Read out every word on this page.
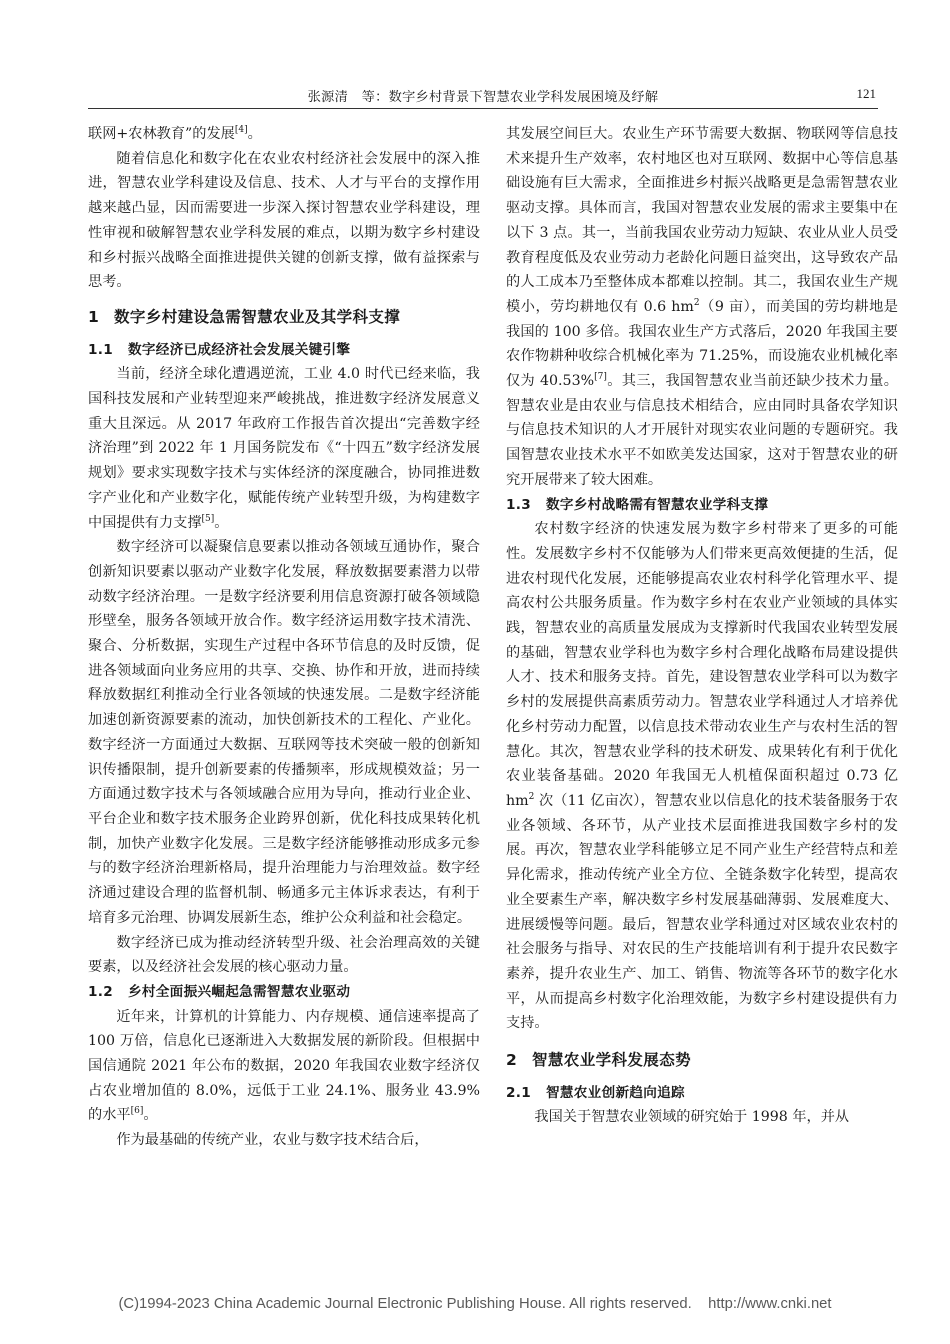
张源清　等：数字乡村背景下智慧农业学科发展困境及纾解	121

联网+农林教育”的发展[4]。

随着信息化和数字化在农业农村经济社会发展中的深入推进，智慧农业学科建设及信息、技术、人才与平台的支撑作用越来越凸显，因而需要进一步深入探讨智慧农业学科建设，理性审视和破解智慧农业学科发展的难点，以期为数字乡村建设和乡村振兴战略全面推进提供关键的创新支撑，做有益探索与思考。

1 数字乡村建设急需智慧农业及其学科支撑
1.1 数字经济已成经济社会发展关键引擎

当前，经济全球化遭遇逆流，工业 4.0 时代已经来临，我国科技发展和产业转型迎来严峻挑战，推进数字经济发展意义重大且深远。从 2017 年政府工作报告首次提出“完善数字经济治理”到 2022 年 1 月国务院发布《“十四五”数字经济发展规划》要求实现数字技术与实体经济的深度融合，协同推进数字产业化和产业数字化，赋能传统产业转型升级，为构建数字中国提供有力支撑[5]。

数字经济可以凝聚信息要素以推动各领域互通协作，聚合创新知识要素以驱动产业数字化发展，释放数据要素潜力以带动数字经济治理。一是数字经济要利用信息资源打破各领域隐形壁垒，服务各领域开放合作。数字经济运用数字技术清洗、聚合、分析数据，实现生产过程中各环节信息的及时反馈，促进各领域面向业务应用的共享、交换、协作和开放，进而持续释放数据红利推动全行业各领域的快速发展。二是数字经济能加速创新资源要素的流动，加快创新技术的工程化、产业化。数字经济一方面通过大数据、互联网等技术突破一般的创新知识传播限制，提升创新要素的传播频率，形成规模效益；另一方面通过数字技术与各领域融合应用为导向，推动行业企业、平台企业和数字技术服务企业跨界创新，优化科技成果转化机制，加快产业数字化发展。三是数字经济能够推动形成多元参与的数字经济治理新格局，提升治理能力与治理效益。数字经济通过建设合理的监督机制、畅通多元主体诉求表达，有利于培育多元治理、协调发展新生态，维护公众利益和社会稳定。

数字经济已成为推动经济转型升级、社会治理高效的关键要素，以及经济社会发展的核心驱动力量。

1.2 乡村全面振兴崛起急需智慧农业驱动

近年来，计算机的计算能力、内存规模、通信速率提高了 100 万倍，信息化已逐渐进入大数据发展的新阶段。但根据中国信通院 2021 年公布的数据，2020 年我国农业数字经济仅占农业增加值的 8.0%，远低于工业 24.1%、服务业 43.9% 的水平[6]。

作为最基础的传统产业，农业与数字技术结合后，

其发展空间巨大。农业生产环节需要大数据、物联网等信息技术来提升生产效率，农村地区也对互联网、数据中心等信息基础设施有巨大需求，全面推进乡村振兴战略更是急需智慧农业驱动支撑。具体而言，我国对智慧农业发展的需求主要集中在以下 3 点。其一，当前我国农业劳动力短缺、农业从业人员受教育程度低及农业劳动力老龄化问题日益突出，这导致农产品的人工成本乃至整体成本都难以控制。其二，我国农业生产规模小，劳均耕地仅有 0.6 $hm^2(9$ 亩），而美国的劳均耕地是我国的 100 多倍。我国农业生产方式落后，2020 年我国主要农作物耕种收综合机械化率为 71.25%，而设施农业机械化率仅为 40.53%[7]。其三，我国智慧农业当前还缺少技术力量。智慧农业是由农业与信息技术相结合，应由同时具备农学知识与信息技术知识的人才开展针对现实农业问题的专题研究。我国智慧农业技术水平不如欧美发达国家，这对于智慧农业的研究开展带来了较大困难。

1.3 数字乡村战略需有智慧农业学科支撑

农村数字经济的快速发展为数字乡村带来了更多的可能性。发展数字乡村不仅能够为人们带来更高效便捷的生活，促进农村现代化发展，还能够提高农业农村科学化管理水平、提高农村公共服务质量。作为数字乡村在农业产业领域的具体实践，智慧农业的高质量发展成为支撑新时代我国农业转型发展的基础，智慧农业学科也为数字乡村合理化战略布局建设提供人才、技术和服务支持。首先，建设智慧农业学科可以为数字乡村的发展提供高素质劳动力。智慧农业学科通过人才培养优化乡村劳动力配置，以信息技术带动农业生产与农村生活的智慧化。其次，智慧农业学科的技术研发、成果转化有利于优化农业装备基础。2020 年我国无人机植保面积超过 0.73 亿 $hm^2$ 次（11 亿亩次），智慧农业以信息化的技术装备服务于农业各领域、各环节，从产业技术层面推进我国数字乡村的发展。再次，智慧农业学科能够立足不同产业生产经营特点和差异化需求，推动传统产业全方位、全链条数字化转型，提高农业全要素生产率，解决数字乡村发展基础薄弱、发展难度大、进展缓慢等问题。最后，智慧农业学科通过对区域农业农村的社会服务与指导、对农民的生产技能培训有利于提升农民数字素养，提升农业生产、加工、销售、物流等各环节的数字化水平，从而提高乡村数字化治理效能，为数字乡村建设提供有力支持。

2 智慧农业学科发展态势
2.1 智慧农业创新趋向追踪

我国关于智慧农业领域的研究始于 1998 年，并从

(C)1994-2023 China Academic Journal Electronic Publishing House. All rights reserved.    http://www.cnki.net
